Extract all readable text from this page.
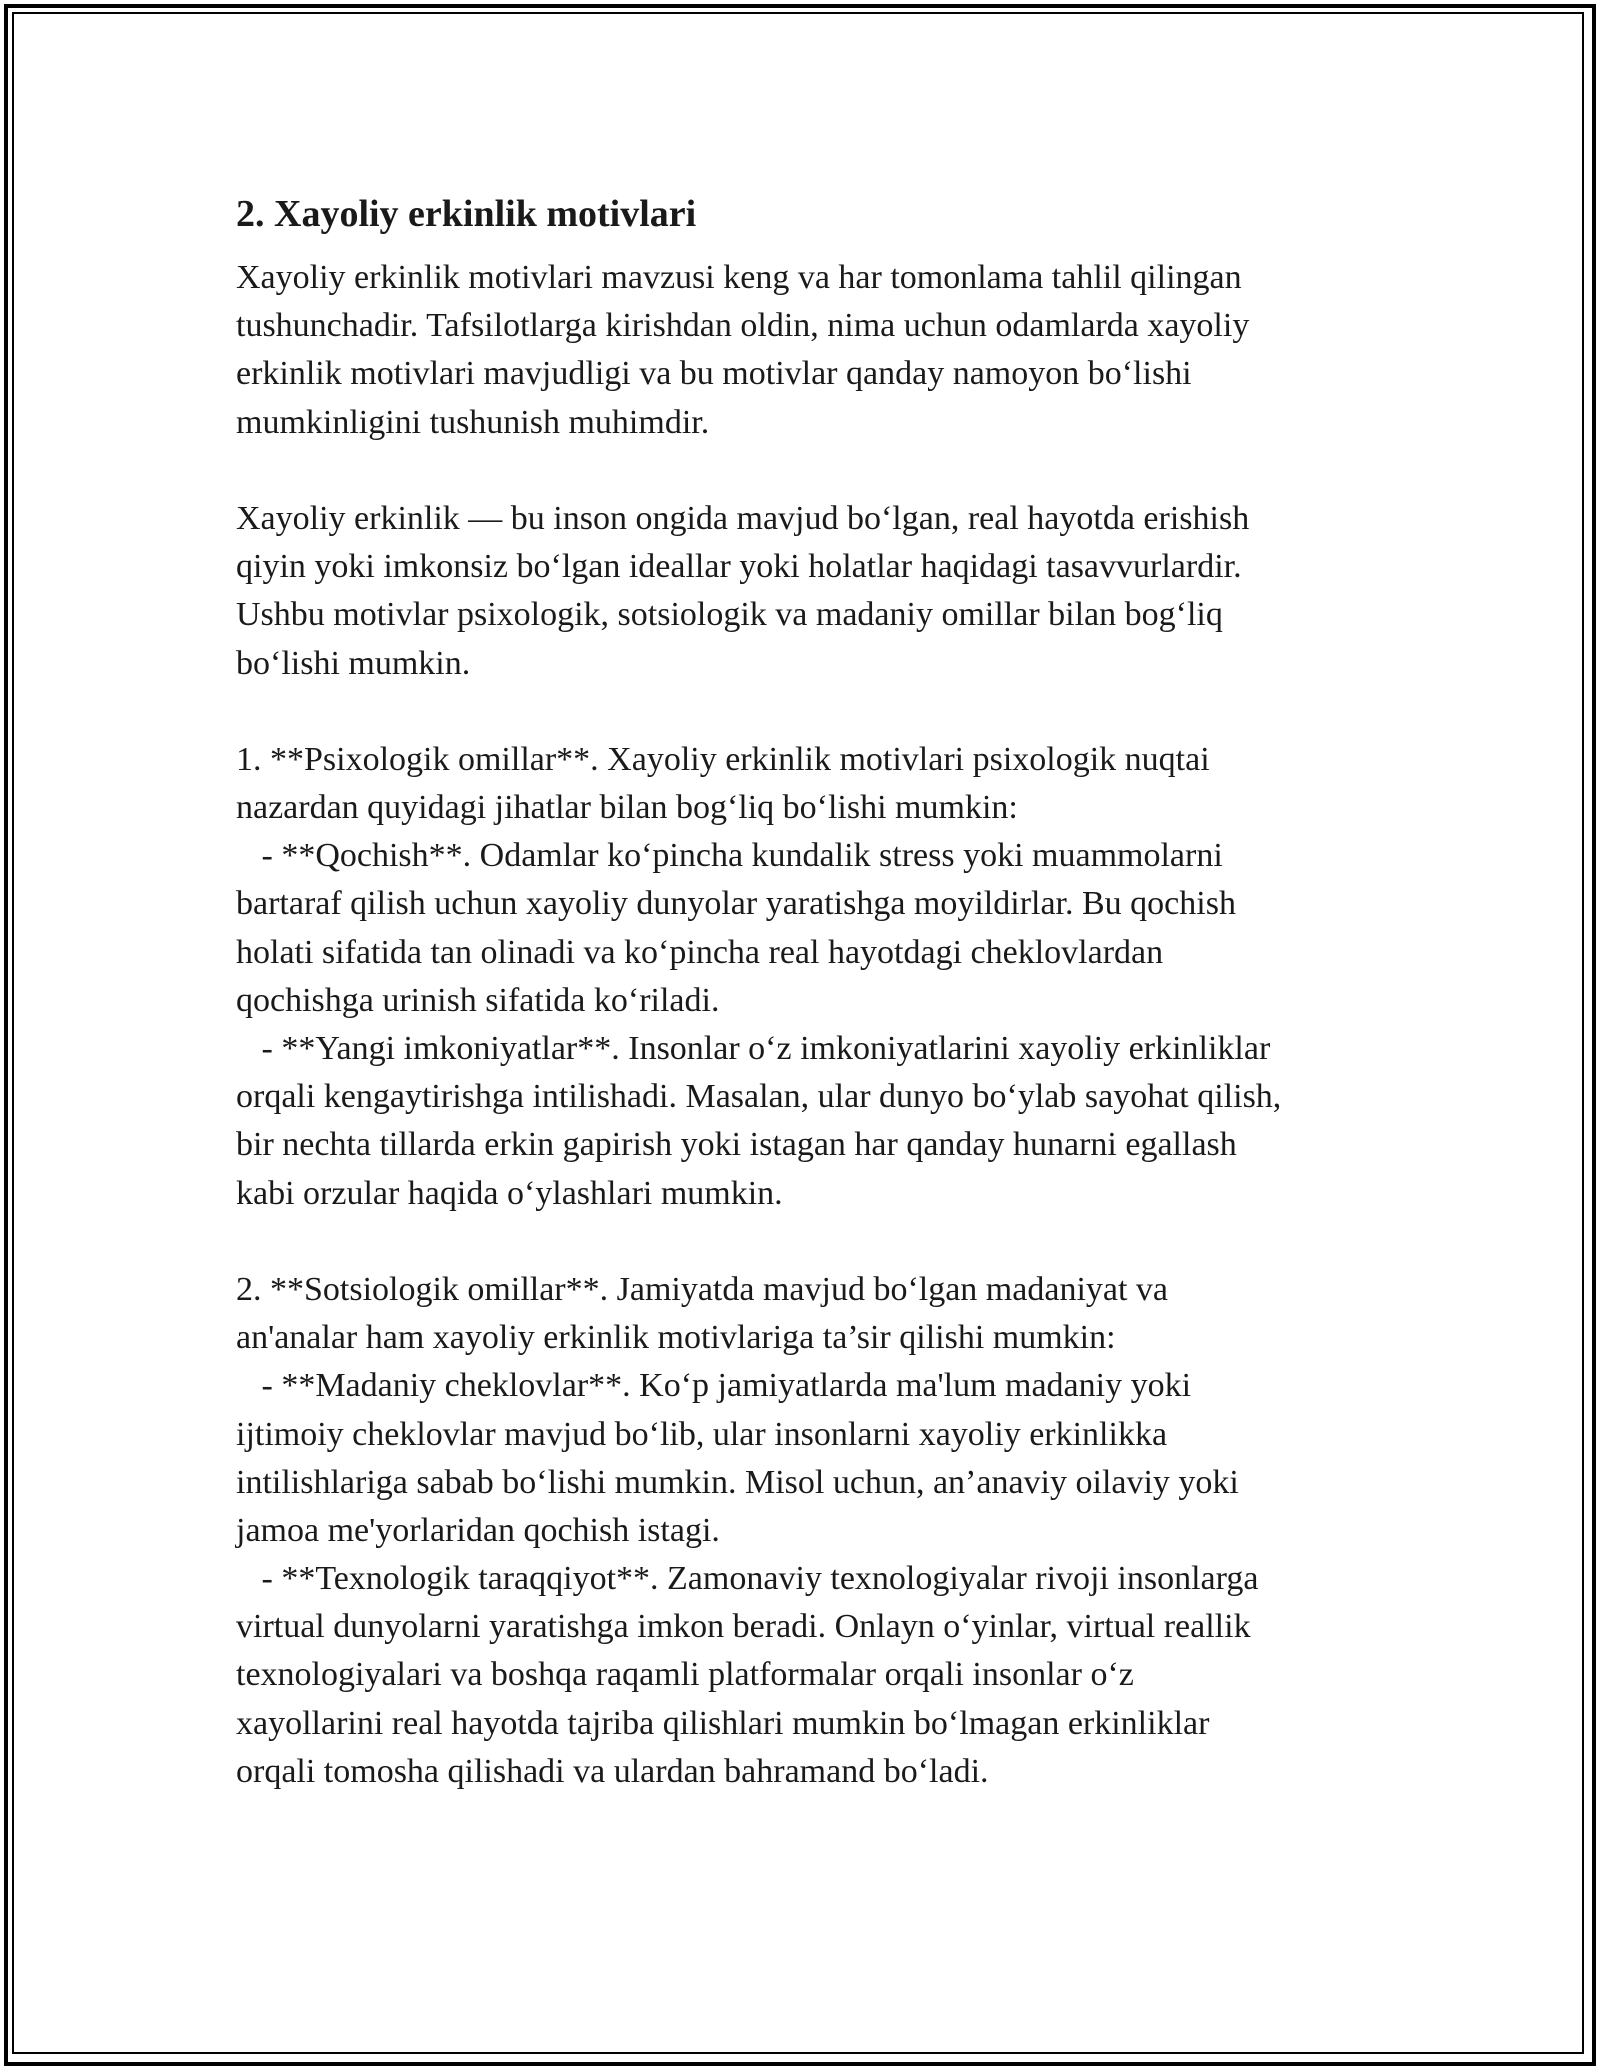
2. Xayoliy erkinlik motivlari
Xayoliy erkinlik motivlari mavzusi keng va har tomonlama tahlil qilingan
tushunchadir. Tafsilotlarga kirishdan oldin, nima uchun odamlarda xayoliy
erkinlik motivlari mavjudligi va bu motivlar qanday namoyon bo‘lishi
mumkinligini tushunish muhimdir.
Xayoliy erkinlik — bu inson ongida mavjud bo‘lgan, real hayotda erishish
qiyin yoki imkonsiz bo‘lgan ideallar yoki holatlar haqidagi tasavvurlardir.
Ushbu motivlar psixologik, sotsiologik va madaniy omillar bilan bog‘liq
bo‘lishi mumkin.
1. **Psixologik omillar**. Xayoliy erkinlik motivlari psixologik nuqtai
nazardan quyidagi jihatlar bilan bog‘liq bo‘lishi mumkin:
- **Qochish**. Odamlar ko‘pincha kundalik stress yoki muammolarni
bartaraf qilish uchun xayoliy dunyolar yaratishga moyildirlar. Bu qochish
holati sifatida tan olinadi va ko‘pincha real hayotdagi cheklovlardan
qochishga urinish sifatida ko‘riladi.
- **Yangi imkoniyatlar**. Insonlar o‘z imkoniyatlarini xayoliy erkinliklar
orqali kengaytirishga intilishadi. Masalan, ular dunyo bo‘ylab sayohat qilish,
bir nechta tillarda erkin gapirish yoki istagan har qanday hunarni egallash
kabi orzular haqida o‘ylashlari mumkin.
2. **Sotsiologik omillar**. Jamiyatda mavjud bo‘lgan madaniyat va
an'analar ham xayoliy erkinlik motivlariga ta’sir qilishi mumkin:
- **Madaniy cheklovlar**. Ko‘p jamiyatlarda ma'lum madaniy yoki
ijtimoiy cheklovlar mavjud bo‘lib, ular insonlarni xayoliy erkinlikka
intilishlariga sabab bo‘lishi mumkin. Misol uchun, an’anaviy oilaviy yoki
jamoa me'yorlaridan qochish istagi.
- **Texnologik taraqqiyot**. Zamonaviy texnologiyalar rivoji insonlarga
virtual dunyolarni yaratishga imkon beradi. Onlayn o‘yinlar, virtual reallik
texnologiyalari va boshqa raqamli platformalar orqali insonlar o‘z
xayollarini real hayotda tajriba qilishlari mumkin bo‘lmagan erkinliklar
orqali tomosha qilishadi va ulardan bahramand bo‘ladi.
